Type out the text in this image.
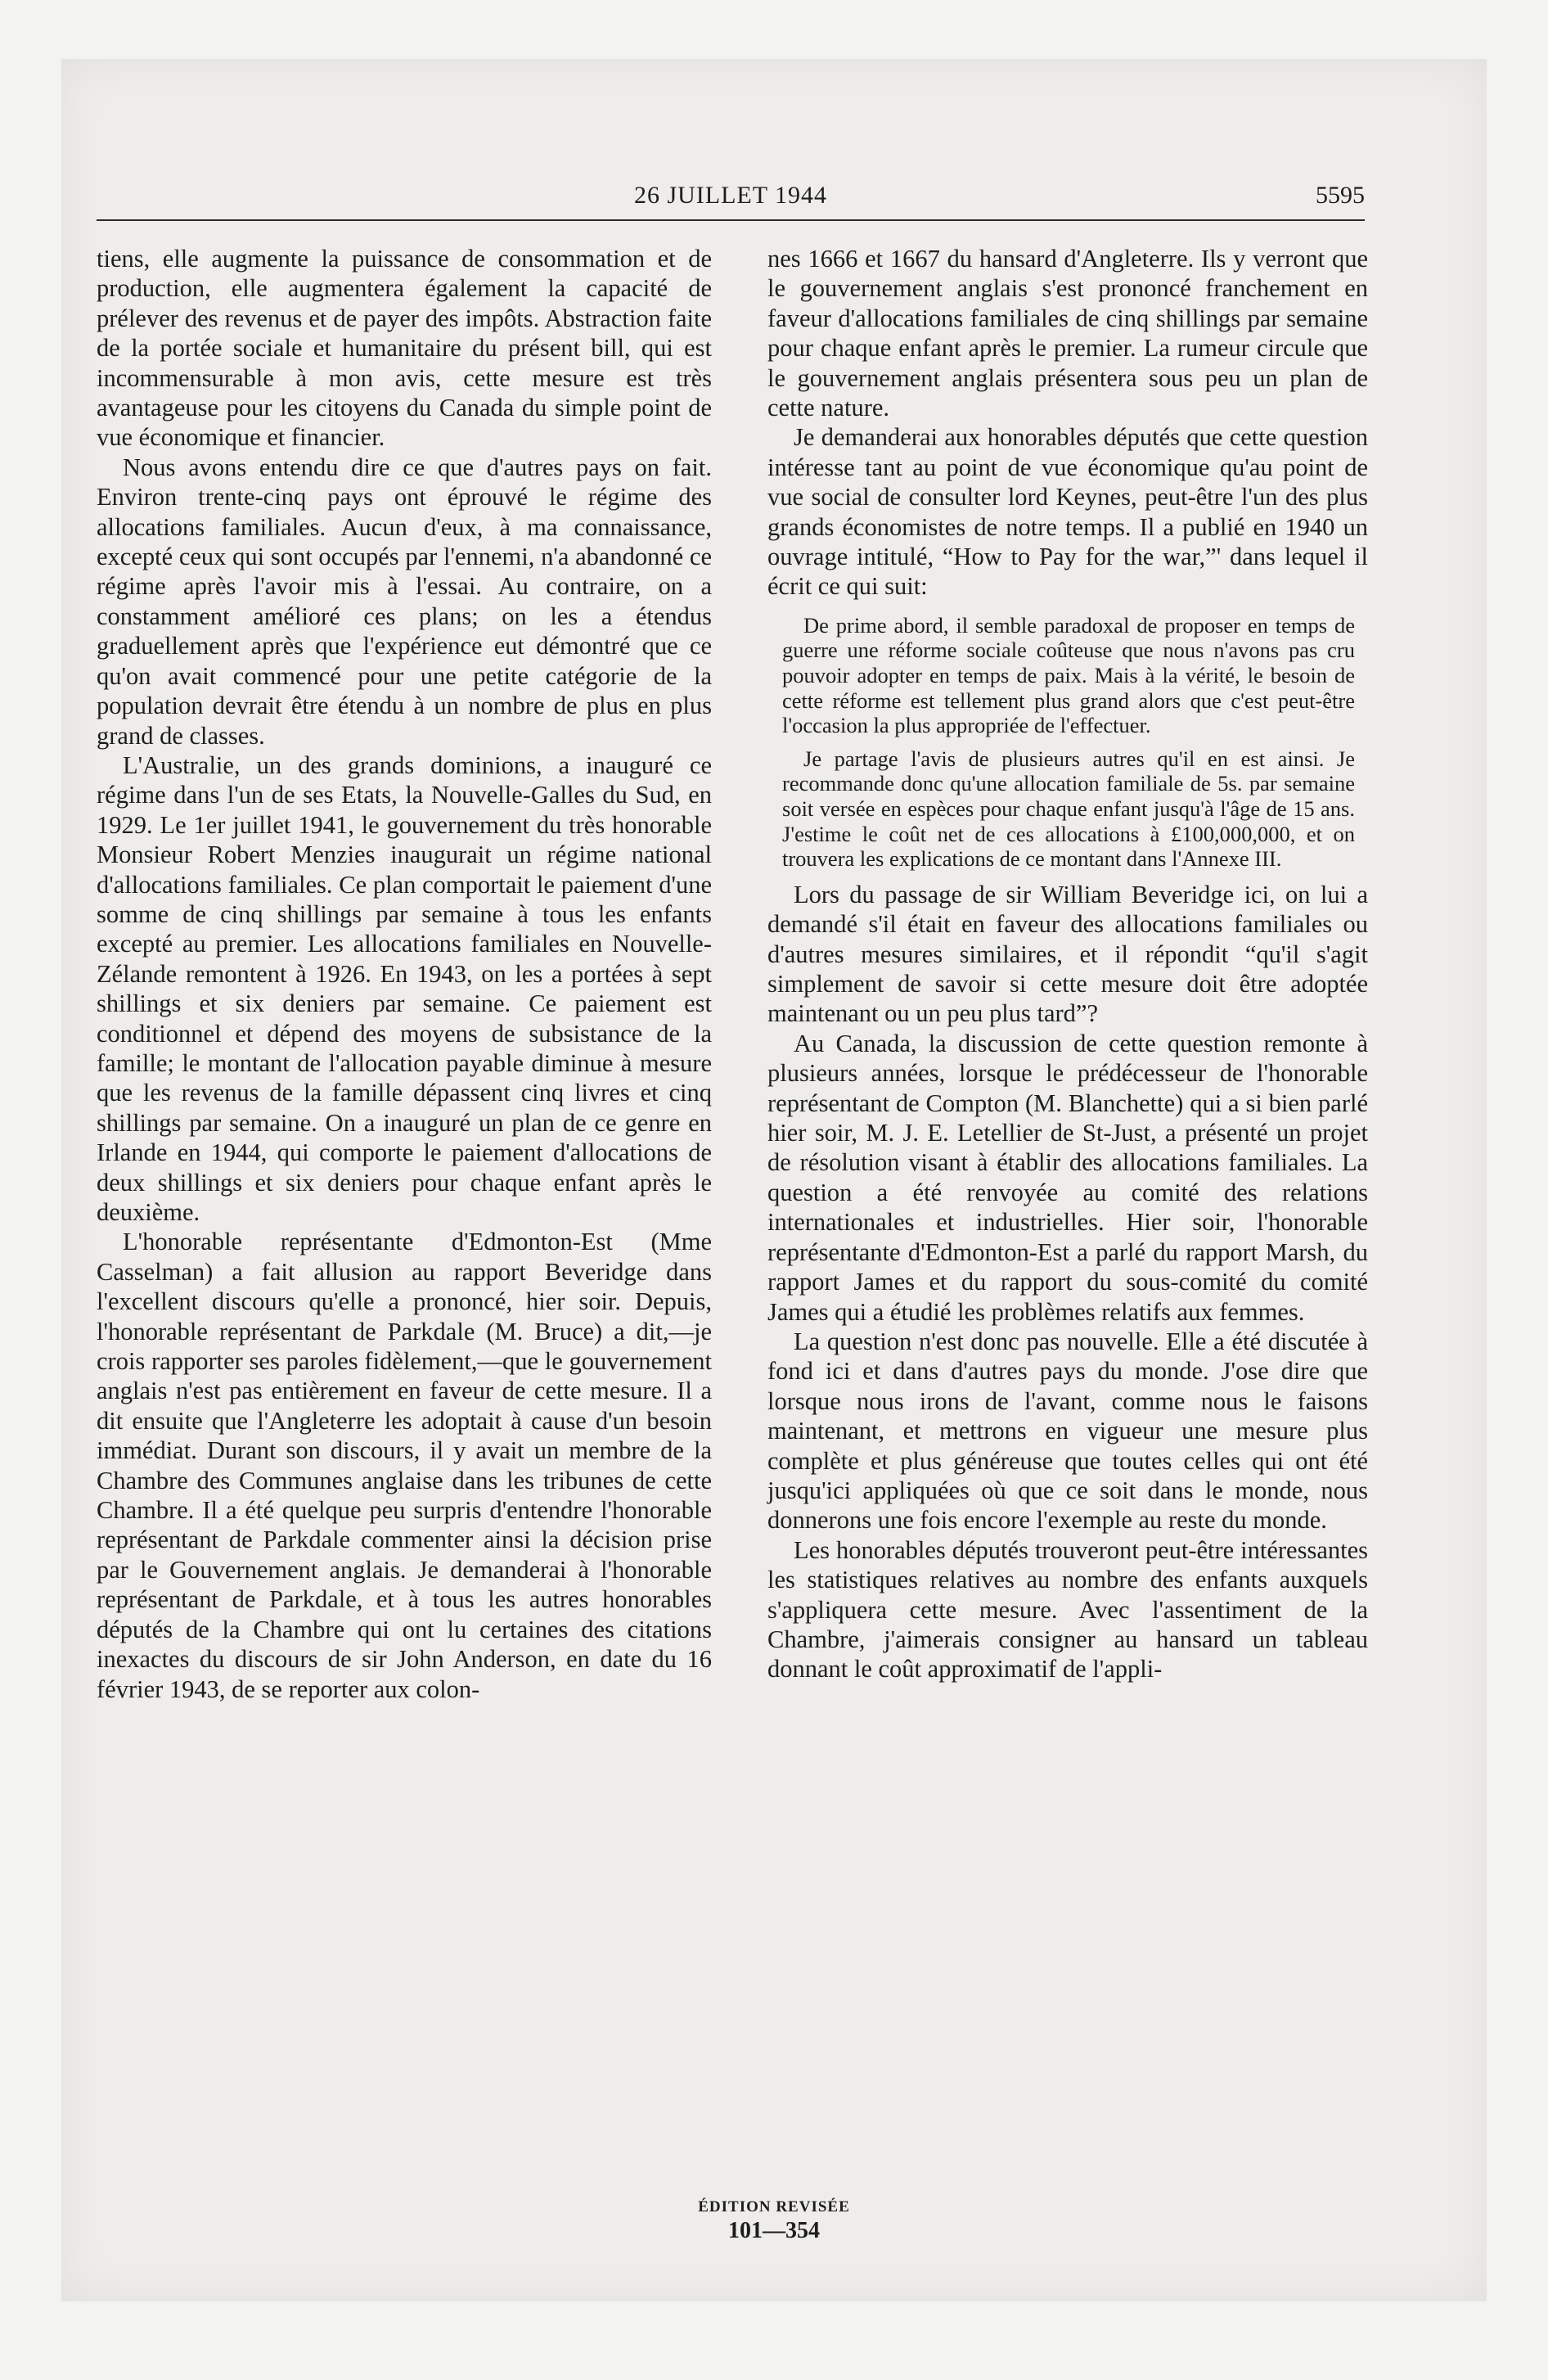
26 JUILLET 1944	5595

tiens, elle augmente la puissance de consommation et de production, elle augmentera également la capacité de prélever des revenus et de payer des impôts. Abstraction faite de la portée sociale et humanitaire du présent bill, qui est incommensurable à mon avis, cette mesure est très avantageuse pour les citoyens du Canada du simple point de vue économique et financier.

Nous avons entendu dire ce que d'autres pays on fait. Environ trente-cinq pays ont éprouvé le régime des allocations familiales. Aucun d'eux, à ma connaissance, excepté ceux qui sont occupés par l'ennemi, n'a abandonné ce régime après l'avoir mis à l'essai. Au contraire, on a constamment amélioré ces plans; on les a étendus graduellement après que l'expérience eut démontré que ce qu'on avait commencé pour une petite catégorie de la population devrait être étendu à un nombre de plus en plus grand de classes.

L'Australie, un des grands dominions, a inauguré ce régime dans l'un de ses Etats, la Nouvelle-Galles du Sud, en 1929. Le 1er juillet 1941, le gouvernement du très honorable Monsieur Robert Menzies inaugurait un régime national d'allocations familiales. Ce plan comportait le paiement d'une somme de cinq shillings par semaine à tous les enfants excepté au premier. Les allocations familiales en Nouvelle-Zélande remontent à 1926. En 1943, on les a portées à sept shillings et six deniers par semaine. Ce paiement est conditionnel et dépend des moyens de subsistance de la famille; le montant de l'allocation payable diminue à mesure que les revenus de la famille dépassent cinq livres et cinq shillings par semaine. On a inauguré un plan de ce genre en Irlande en 1944, qui comporte le paiement d'allocations de deux shillings et six deniers pour chaque enfant après le deuxième.

L'honorable représentante d'Edmonton-Est (Mme Casselman) a fait allusion au rapport Beveridge dans l'excellent discours qu'elle a prononcé, hier soir. Depuis, l'honorable représentant de Parkdale (M. Bruce) a dit,—je crois rapporter ses paroles fidèlement,—que le gouvernement anglais n'est pas entièrement en faveur de cette mesure. Il a dit ensuite que l'Angleterre les adoptait à cause d'un besoin immédiat. Durant son discours, il y avait un membre de la Chambre des Communes anglaise dans les tribunes de cette Chambre. Il a été quelque peu surpris d'entendre l'honorable représentant de Parkdale commenter ainsi la décision prise par le Gouvernement anglais. Je demanderai à l'honorable représentant de Parkdale, et à tous les autres honorables députés de la Chambre qui ont lu certaines des citations inexactes du discours de sir John Anderson, en date du 16 février 1943, de se reporter aux colon-

nes 1666 et 1667 du hansard d'Angleterre. Ils y verront que le gouvernement anglais s'est prononcé franchement en faveur d'allocations familiales de cinq shillings par semaine pour chaque enfant après le premier. La rumeur circule que le gouvernement anglais présentera sous peu un plan de cette nature.

Je demanderai aux honorables députés que cette question intéresse tant au point de vue économique qu'au point de vue social de consulter lord Keynes, peut-être l'un des plus grands économistes de notre temps. Il a publié en 1940 un ouvrage intitulé, “How to Pay for the war,”' dans lequel il écrit ce qui suit:

De prime abord, il semble paradoxal de proposer en temps de guerre une réforme sociale coûteuse que nous n'avons pas cru pouvoir adopter en temps de paix. Mais à la vérité, le besoin de cette réforme est tellement plus grand alors que c'est peut-être l'occasion la plus appropriée de l'effectuer.

Je partage l'avis de plusieurs autres qu'il en est ainsi. Je recommande donc qu'une allocation familiale de 5s. par semaine soit versée en espèces pour chaque enfant jusqu'à l'âge de 15 ans. J'estime le coût net de ces allocations à £100,000,000, et on trouvera les explications de ce montant dans l'Annexe III.

Lors du passage de sir William Beveridge ici, on lui a demandé s'il était en faveur des allocations familiales ou d'autres mesures similaires, et il répondit “qu'il s'agit simplement de savoir si cette mesure doit être adoptée maintenant ou un peu plus tard”?

Au Canada, la discussion de cette question remonte à plusieurs années, lorsque le prédécesseur de l'honorable représentant de Compton (M. Blanchette) qui a si bien parlé hier soir, M. J. E. Letellier de St-Just, a présenté un projet de résolution visant à établir des allocations familiales. La question a été renvoyée au comité des relations internationales et industrielles. Hier soir, l'honorable représentante d'Edmonton-Est a parlé du rapport Marsh, du rapport James et du rapport du sous-comité du comité James qui a étudié les problèmes relatifs aux femmes.

La question n'est donc pas nouvelle. Elle a été discutée à fond ici et dans d'autres pays du monde. J'ose dire que lorsque nous irons de l'avant, comme nous le faisons maintenant, et mettrons en vigueur une mesure plus complète et plus généreuse que toutes celles qui ont été jusqu'ici appliquées où que ce soit dans le monde, nous donnerons une fois encore l'exemple au reste du monde.

Les honorables députés trouveront peut-être intéressantes les statistiques relatives au nombre des enfants auxquels s'appliquera cette mesure. Avec l'assentiment de la Chambre, j'aimerais consigner au hansard un tableau donnant le coût approximatif de l'appli-

ÉDITION REVISÉE
101—354
